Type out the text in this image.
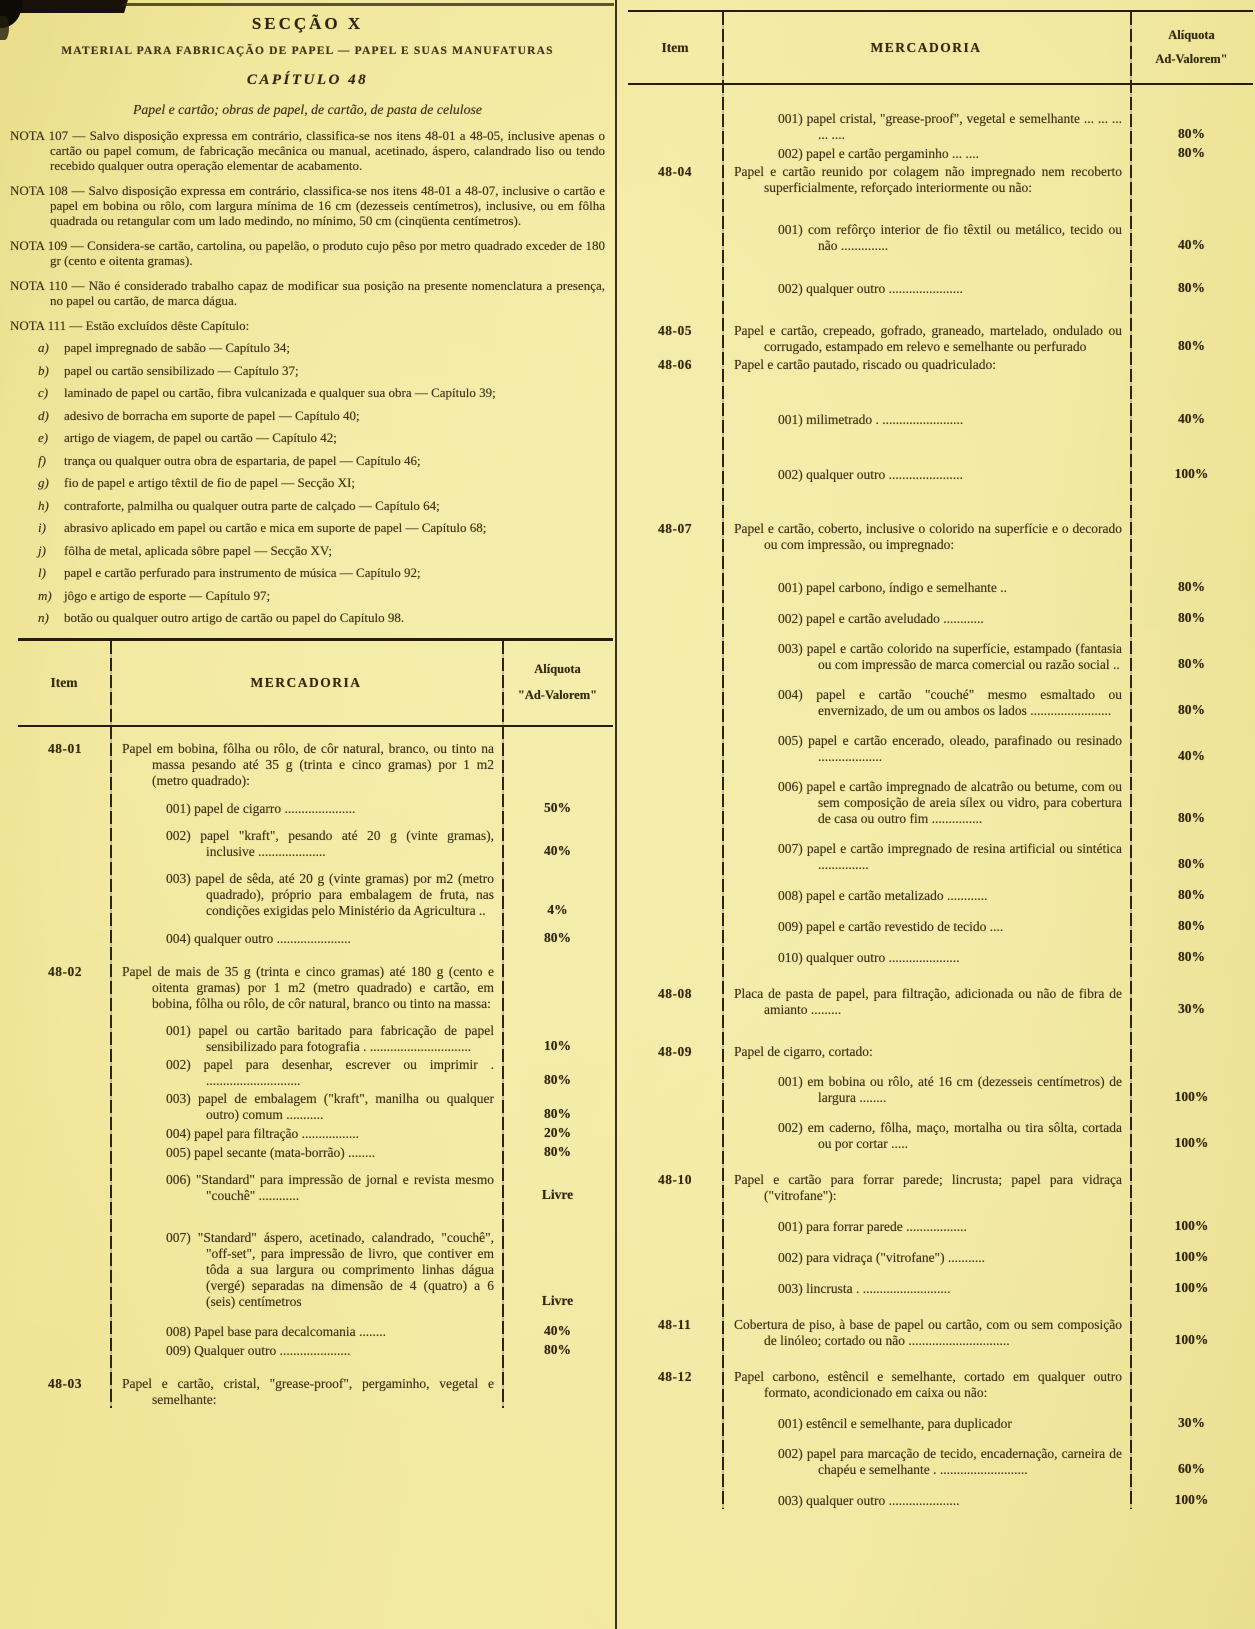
SECÇÃO X
MATERIAL PARA FABRICAÇÃO DE PAPEL — PAPEL E SUAS MANUFATURAS
CAPÍTULO 48
Papel e cartão; obras de papel, de cartão, de pasta de celulose

NOTA 107 — Salvo disposição expressa em contrário, classifica-se nos itens 48-01 a 48-05, inclusive apenas o cartão ou papel comum, de fabricação mecânica ou manual, acetinado, áspero, calandrado liso ou tendo recebido qualquer outra operação elementar de acabamento.

NOTA 108 — Salvo disposição expressa em contrário, classifica-se nos itens 48-01 a 48-07, inclusive o cartão e papel em bobina ou rôlo, com largura mínima de 16 cm (dezesseis centímetros), inclusive, ou em fôlha quadrada ou retangular com um lado medindo, no mínimo, 50 cm (cinqüenta centímetros).

NOTA 109 — Considera-se cartão, cartolina, ou papelão, o produto cujo pêso por metro quadrado exceder de 180 gr (cento e oitenta gramas).

NOTA 110 — Não é considerado trabalho capaz de modificar sua posição na presente nomenclatura a presença, no papel ou cartão, de marca dágua.

NOTA 111 — Estão excluídos dêste Capítulo:

a)	papel impregnado de sabão — Capítulo 34;
b)	papel ou cartão sensibilizado — Capítulo 37;
c)	laminado de papel ou cartão, fibra vulcanizada e qualquer sua obra — Capítulo 39;
d)	adesivo de borracha em suporte de papel — Capítulo 40;
e)	artigo de viagem, de papel ou cartão — Capítulo 42;
f)	trança ou qualquer outra obra de espartaria, de papel — Capítulo 46;
g)	fio de papel e artigo têxtil de fio de papel — Secção XI;
h)	contraforte, palmilha ou qualquer outra parte de calçado — Capítulo 64;
i)	abrasivo aplicado em papel ou cartão e mica em suporte de papel — Capítulo 68;
j)	fôlha de metal, aplicada sôbre papel — Secção XV;
l)	papel e cartão perfurado para instrumento de música — Capítulo 92;
m) jôgo e artigo de esporte — Capítulo 97;
n)	botão ou qualquer outro artigo de cartão ou papel do Capítulo 98.
Item	MERCADORIA
Alíquota
"Ad-Valorem"
48-01	Papel em bobina, fôlha ou rôlo, de côr natural, branco, ou tinto na massa pesando até 35 g (trinta e cinco gramas) por 1 m2 (metro quadrado):
001) papel de cigarro .....................	50%
002) papel "kraft", pesando até 20 g (vinte gramas), inclusive ....................	40%
003) papel de sêda, até 20 g (vinte gramas) por m2 (metro quadrado), próprio para embalagem de fruta, nas condições exigidas pelo Ministério da Agricultura ..	4%
004) qualquer outro ......................	80%
48-02	Papel de mais de 35 g (trinta e cinco gramas) até 180 g (cento e oitenta gramas) por 1 m2 (metro quadrado) e cartão, em bobina, fôlha ou rôlo, de côr natural, branco ou tinto na massa:
001) papel ou cartão baritado para fabricação de papel sensibilizado para fotografia . ..............................	10%
002) papel para desenhar, escrever ou imprimir . ............................	80%
003) papel de embalagem ("kraft", manilha ou qualquer outro) comum ...........	80%
004) papel para filtração .................	20%
005) papel secante (mata-borrão) ........	80%
006) "Standard" para impressão de jornal e revista mesmo "couchê" ............	Livre
007) "Standard" áspero, acetinado, calandrado, "couchê", "off-set", para impressão de livro, que contiver em tôda a sua largura ou comprimento linhas dágua (vergé) separadas na dimensão de 4 (quatro) a 6 (seis) centímetros	Livre
008) Papel base para decalcomania ........	40%
009) Qualquer outro .....................	80%
48-03	Papel e cartão, cristal, "grease-proof", pergaminho, vegetal e semelhante:
Item	MERCADORIA
Alíquota
Ad-Valorem"
001) papel cristal, "grease-proof", vegetal e semelhante ... ... ... ... ....	80%
002) papel e cartão pergaminho ... ....	80%
48-04	Papel e cartão reunido por colagem não impregnado nem recoberto superficialmente, reforçado interiormente ou não:
001) com refôrço interior de fio têxtil ou metálico, tecido ou não ..............	40%
002) qualquer outro ......................	80%
48-05	Papel e cartão, crepeado, gofrado, graneado, martelado, ondulado ou corrugado, estampado em relevo e semelhante ou perfurado	80%
48-06	Papel e cartão pautado, riscado ou quadriculado:
001) milimetrado . ........................	40%
002) qualquer outro ......................	100%
48-07	Papel e cartão, coberto, inclusive o colorido na superfície e o decorado ou com impressão, ou impregnado:
001) papel carbono, índigo e semelhante ..	80%
002) papel e cartão aveludado ............	80%
003) papel e cartão colorido na superfície, estampado (fantasia ou com impressão de marca comercial ou razão social ..	80%
004) papel e cartão "couché" mesmo esmaltado ou envernizado, de um ou ambos os lados ........................	80%
005) papel e cartão encerado, oleado, parafinado ou resinado ...................	40%
006) papel e cartão impregnado de alcatrão ou betume, com ou sem composição de areia sílex ou vidro, para cobertura de casa ou outro fim ...............	80%
007) papel e cartão impregnado de resina artificial ou sintética ...............	80%
008) papel e cartão metalizado ............	80%
009) papel e cartão revestido de tecido ....	80%
010) qualquer outro .....................	80%
48-08	Placa de pasta de papel, para filtração, adicionada ou não de fibra de amianto .........	30%
48-09	Papel de cigarro, cortado:
001) em bobina ou rôlo, até 16 cm (dezesseis centímetros) de largura ........	100%
002) em caderno, fôlha, maço, mortalha ou tira sôlta, cortada ou por cortar .....	100%
48-10	Papel e cartão para forrar parede; lincrusta; papel para vidraça ("vitrofane"):
001) para forrar parede ..................	100%
002) para vidraça ("vitrofane") ...........	100%
003) lincrusta . ..........................	100%
48-11	Cobertura de piso, à base de papel ou cartão, com ou sem composição de linóleo; cortado ou não ..............................	100%
48-12	Papel carbono, estêncil e semelhante, cortado em qualquer outro formato, acondicionado em caixa ou não:
001) estêncil e semelhante, para duplicador	30%
002) papel para marcação de tecido, encadernação, carneira de chapéu e semelhante . ..........................	60%
003) qualquer outro .....................	100%
